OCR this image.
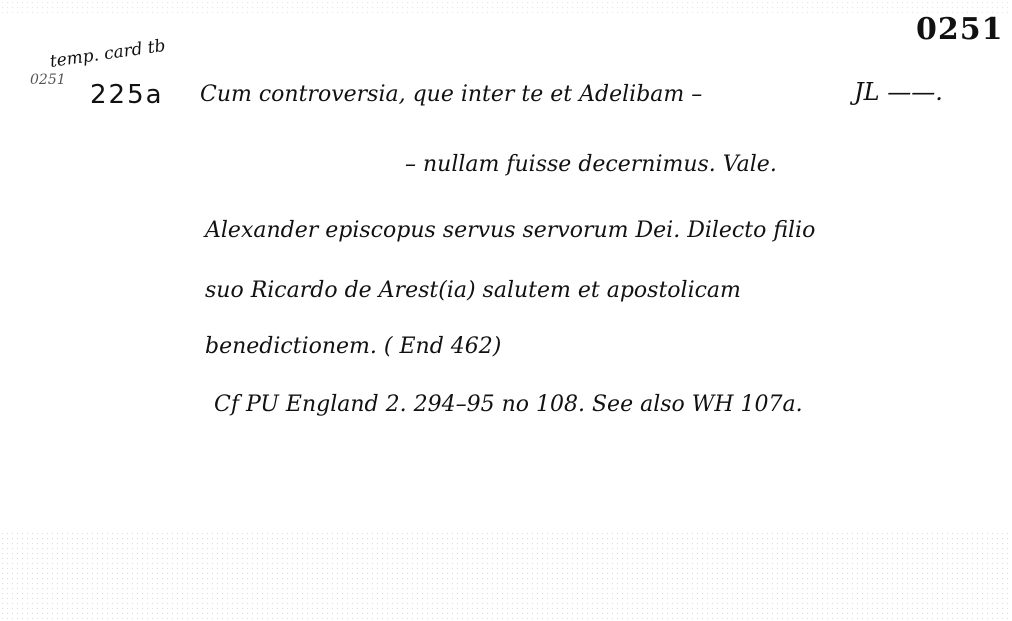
0251
0251
temp. card tb
225a Cum controversia, que inter te et Adelibam –	JL ——.
– nullam fuisse decernimus. Vale.
Alexander episcopus servus servorum Dei. Dilecto filio
suo Ricardo de Arest(ia) salutem et apostolicam
benedictionem. ( End 462)
Cf PU England 2. 294–95 no 108. See also WH 107a.
